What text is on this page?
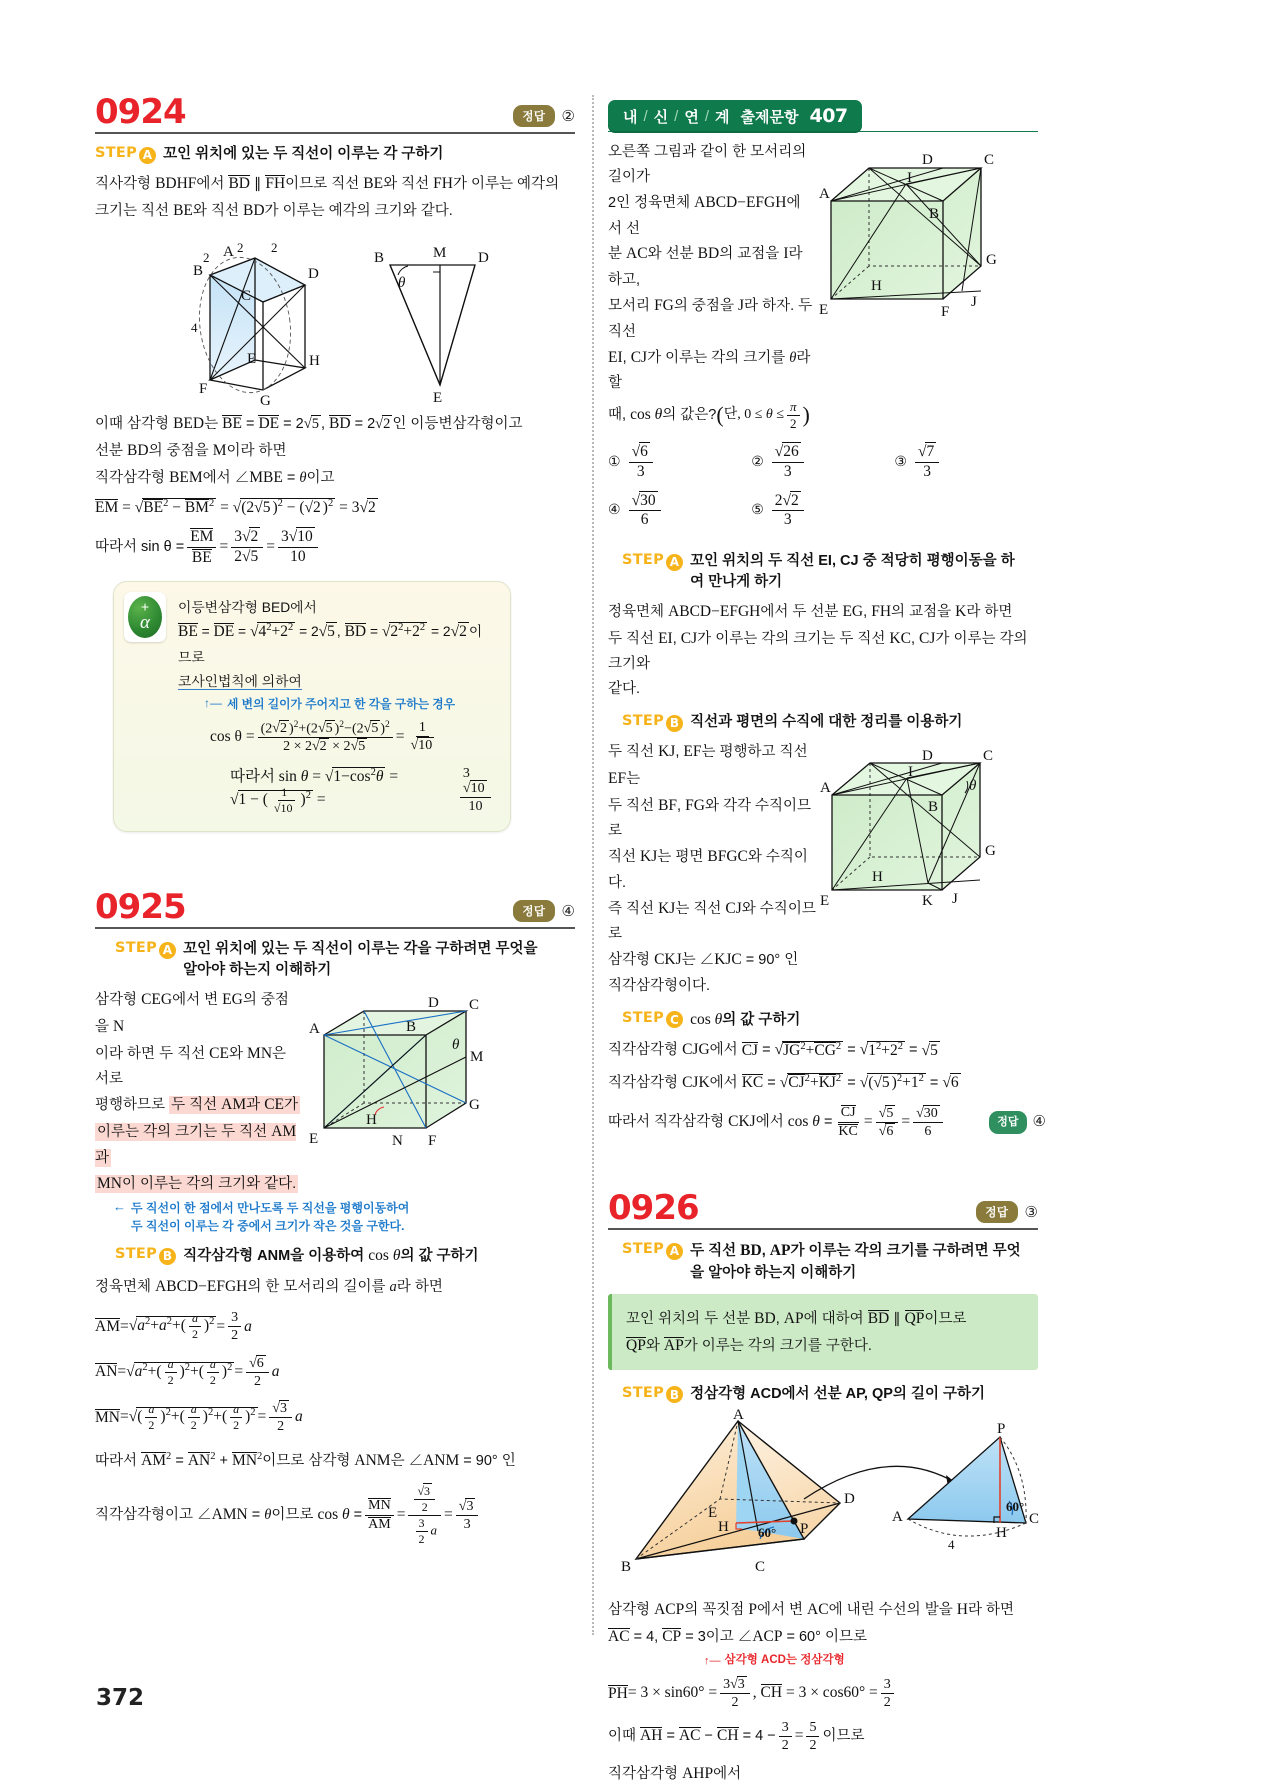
0924	정답	②
STEP A 꼬인 위치에 있는 두 직선이 이루는 각 구하기
직사각형 BDHF에서 BD ∥ FH이므로 직선 BE와 직선 FH가 이루는 예각의
크기는 직선 BE와 직선 BD가 이루는 예각의 크기와 같다.
A
D
B
C
E	H
F
G
2
2 2
4
B	M D
E
θ
이때 삼각형 BED는 BE = DE = 2√5 , BD = 2√2 인 이등변삼각형이고
선분 BD의 중점을 M이라 하면
직각삼각형 BEM에서 ∠MBE = θ이고
EM = $√BE^2 - BM^2 = √(2√5$ )$^2$ − (√2 )$^2$ = 3√2
따라서 $\sin \theta = \frac{EM}{BE} = \frac{3√2}{2√5} = \frac{3√10}{10}$
+
α
이등변삼각형 BED에서
BE = DE = $√4^2+2^2 = 2√5$ , BD = $√2^2+2^2 = 2√2$ 이므로
코사인법칙에 의하여
↑— 세 변의 길이가 주어지고 한 각을 구하는 경우
$\cos \theta = \frac{(2√2 )^2+(2√5 )^2-(2√5 )^2}{2 \times 2√2 \times 2√5} = \frac{1}{√10}$
따라서 $\sin \theta = √1-\cos^2\theta = √1$ − ( $\frac{1}{√10} )^2$ =	$\frac{3√10}{10}$
0925	정답	④
STEP A 꼬인 위치에 있는 두 직선이 이루는 각을 구하려면 무엇을 알아야 하는지 이해하기
삼각형 CEG에서 변 EG의 중점을 N
이라 하면 두 직선 CE와 MN은 서로
평행하므로 두 직선 AM과 CE가
이루는 각의 크기는 두 직선 AM과
MN이 이루는 각의 크기와 같다.
D C
A	B
M
θ
H
G
E	N F
← 두 직선이 한 점에서 만나도록 두 직선을 평행이동하여
두 직선이 이루는 각 중에서 크기가 작은 것을 구한다.
STEP B 직각삼각형 ANM을 이용하여 cos θ의 값 구하기
정육면체 ABCD−EFGH의 한 모서리의 길이를 a라 하면
AM = $√a^2+a^2+( \frac{a}{2} )^2 = \frac{3}{2}$ a
AN = $√a^2+( \frac{a}{2} )^2+( \frac{a}{2} )^2 = \frac{√6}{2}$ a
MN = √( $\frac{a}{2} )^2+( \frac{a}{2} )^2+( \frac{a}{2} )^2 = \frac{√3}{2}$ a
따라서 $AM^2 = AN^2 + MN^2$이므로 삼각형 ANM은 ∠ANM = 90° 인
직각삼각형이고 ∠AMN = θ이므로 $\cos \theta = \frac{MN}{AM} = \frac{\frac{√3}{2}}{\frac{3}{2} a} = \frac{√3}{3}$
내 / 신 / 연 / 계 출제문항 407
오른쪽 그림과 같이 한 모서리의 길이가
2인 정육면체 ABCD−EFGH에서 선
분 AC와 선분 BD의 교점을 I라 하고,
모서리 FG의 중점을 J라 하자. 두 직선
EI, CJ가 이루는 각의 크기를 θ라 할
때, cos θ의 값은? ( 단, $0 \le \theta \le \frac{\pi}{2}$ )
D	C
I
A
B
G
E
H
J
F
① $\frac{√6}{3}$	② $\frac{√26}{3}$	③ $\frac{√7}{3}$
④ $\frac{√30}{6}$	⑤ $\frac{2√2}{3}$
STEP A 꼬인 위치의 두 직선 EI, CJ 중 적당히 평행이동을 하여 만나게 하기
정육면체 ABCD−EFGH에서 두 선분 EG, FH의 교점을 K라 하면
두 직선 EI, CJ가 이루는 각의 크기는 두 직선 KC, CJ가 이루는 각의 크기와
같다.
STEP B 직선과 평면의 수직에 대한 정리를 이용하기
두 직선 KJ, EF는 평행하고 직선 EF는
두 직선 BF, FG와 각각 수직이므로
직선 KJ는 평면 BFGC와 수직이다.
즉 직선 KJ는 직선 CJ와 수직이므로
삼각형 CKJ는 ∠KJC = 90° 인
직각삼각형이다.
D	C
I
A
B
θ
G
E
H
K J
STEP C cos θ의 값 구하기
직각삼각형 CJG에서 CJ = $√JG^2+CG^2 = √1^2+2^2 = √5$
직각삼각형 CJK에서 KC = $√CJ^2+KJ^2 = √(√5$ )$^2+1^2 = √6$
따라서 직각삼각형 CKJ에서 $\cos \theta = \frac{CJ}{KC} = \frac{√5}{√6} = \frac{√30}{6}$	정답 ④
0926	정답	③
STEP A 두 직선 BD, AP가 이루는 각의 크기를 구하려면 무엇을 알아야 하는지 이해하기
꼬인 위치의 두 선분 BD, AP에 대하여 BD ∥ QP이므로
QP와 AP가 이루는 각의 크기를 구한다.
STEP B 정삼각형 ACD에서 선분 AP, QP의 길이 구하기
A
E
D
H	P
B	C
60°
P
A	C
H
60°
4
삼각형 ACP의 꼭짓점 P에서 변 AC에 내린 수선의 발을 H라 하면
AC = 4, CP = 3이고 ∠ACP = 60° 이므로
↑— 삼각형 ACD는 정삼각형
PH = $3 \times \sin 60^\circ = \frac{3√3}{2}$ , CH = $3 \times \cos 60^\circ = \frac{3}{2}$
이때 AH = AC − CH = $4 - \frac{3}{2} = \frac{5}{2}$ 이므로
직각삼각형 AHP에서
372
